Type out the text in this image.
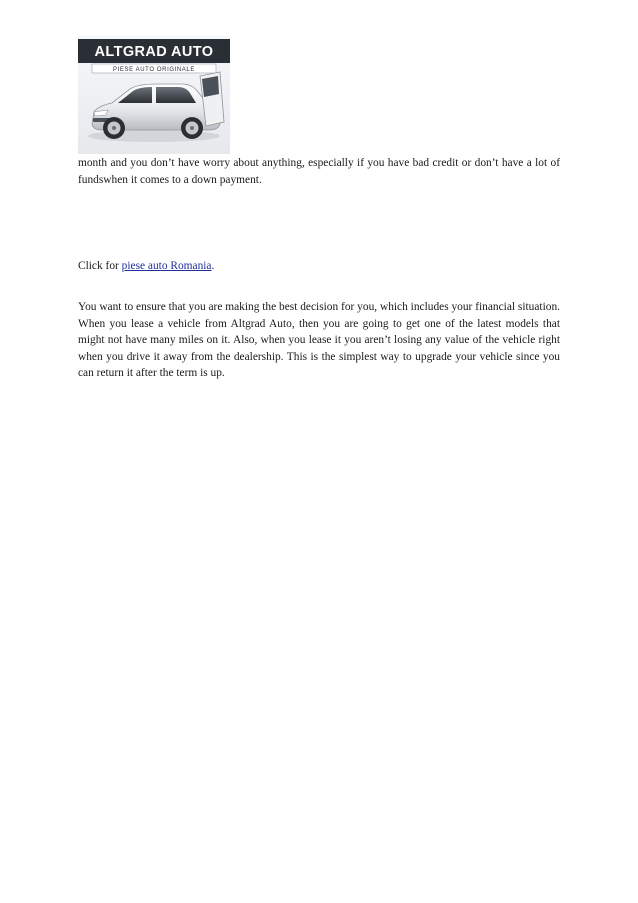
ALTGRAD AUTO
PIESE AUTO ORIGINALE

month and you don’t have worry about anything, especially if you have bad credit or don’t have a lot of fundswhen it comes to a down payment.

Click for piese auto Romania.

You want to ensure that you are making the best decision for you, which includes your financial situation. When you lease a vehicle from Altgrad Auto, then you are going to get one of the latest models that might not have many miles on it. Also, when you lease it you aren’t losing any value of the vehicle right when you drive it away from the dealership. This is the simplest way to upgrade your vehicle since you can return it after the term is up.
